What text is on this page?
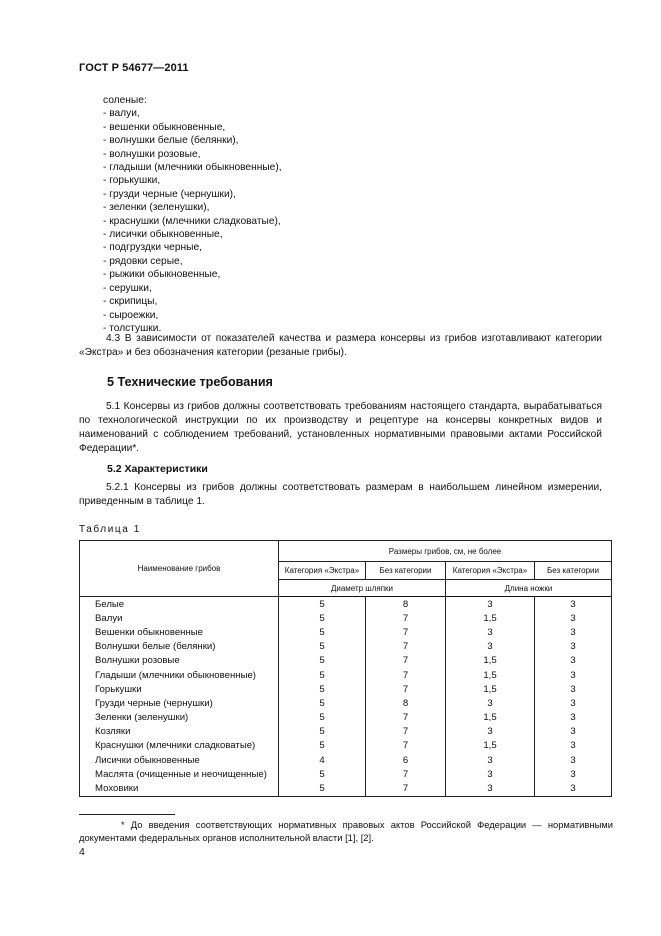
ГОСТ Р 54677—2011
соленые:
- валуи,
- вешенки обыкновенные,
- волнушки белые (белянки),
- волнушки розовые,
- гладыши (млечники обыкновенные),
- горькушки,
- грузди черные (чернушки),
- зеленки (зеленушки),
- краснушки (млечники сладковатые),
- лисички обыкновенные,
- подгруздки черные,
- рядовки серые,
- рыжики обыкновенные,
- серушки,
- скрипицы,
- сыроежки,
- толстушки.

4.3 В зависимости от показателей качества и размера консервы из грибов изготавливают категории «Экстра» и без обозначения категории (резаные грибы).

5 Технические требования

5.1 Консервы из грибов должны соответствовать требованиям настоящего стандарта, вырабатываться по технологической инструкции по их производству и рецептуре на консервы конкретных видов и наименований с соблюдением требований, установленных нормативными правовыми актами Российской Федерации*.

5.2 Характеристики

5.2.1 Консервы из грибов должны соответствовать размерам в наибольшем линейном измерении, приведенным в таблице 1.

Таблица 1
Наименование грибов	Размеры грибов, см, не более			
	Категория «Экстра»	Без категории	Категория «Экстра»	Без категории
	Диаметр шляпки		Длина ножки	
Белые	5	8	3	3
Валуи	5	7	1,5	3
Вешенки обыкновенные	5	7	3	3
Волнушки белые (белянки)	5	7	3	3
Волнушки розовые	5	7	1,5	3
Гладыши (млечники обыкновенные)	5	7	1,5	3
Горькушки	5	7	1,5	3
Грузди черные (чернушки)	5	8	3	3
Зеленки (зеленушки)	5	7	1,5	3
Козляки	5	7	3	3
Краснушки (млечники сладковатые)	5	7	1,5	3
Лисички обыкновенные	4	6	3	3
Маслята (очищенные и неочищенные)	5	7	3	3
Моховики	5	7	3	3

* До введения соответствующих нормативных правовых актов Российской Федерации — нормативными документами федеральных органов исполнительной власти [1], [2].

4
